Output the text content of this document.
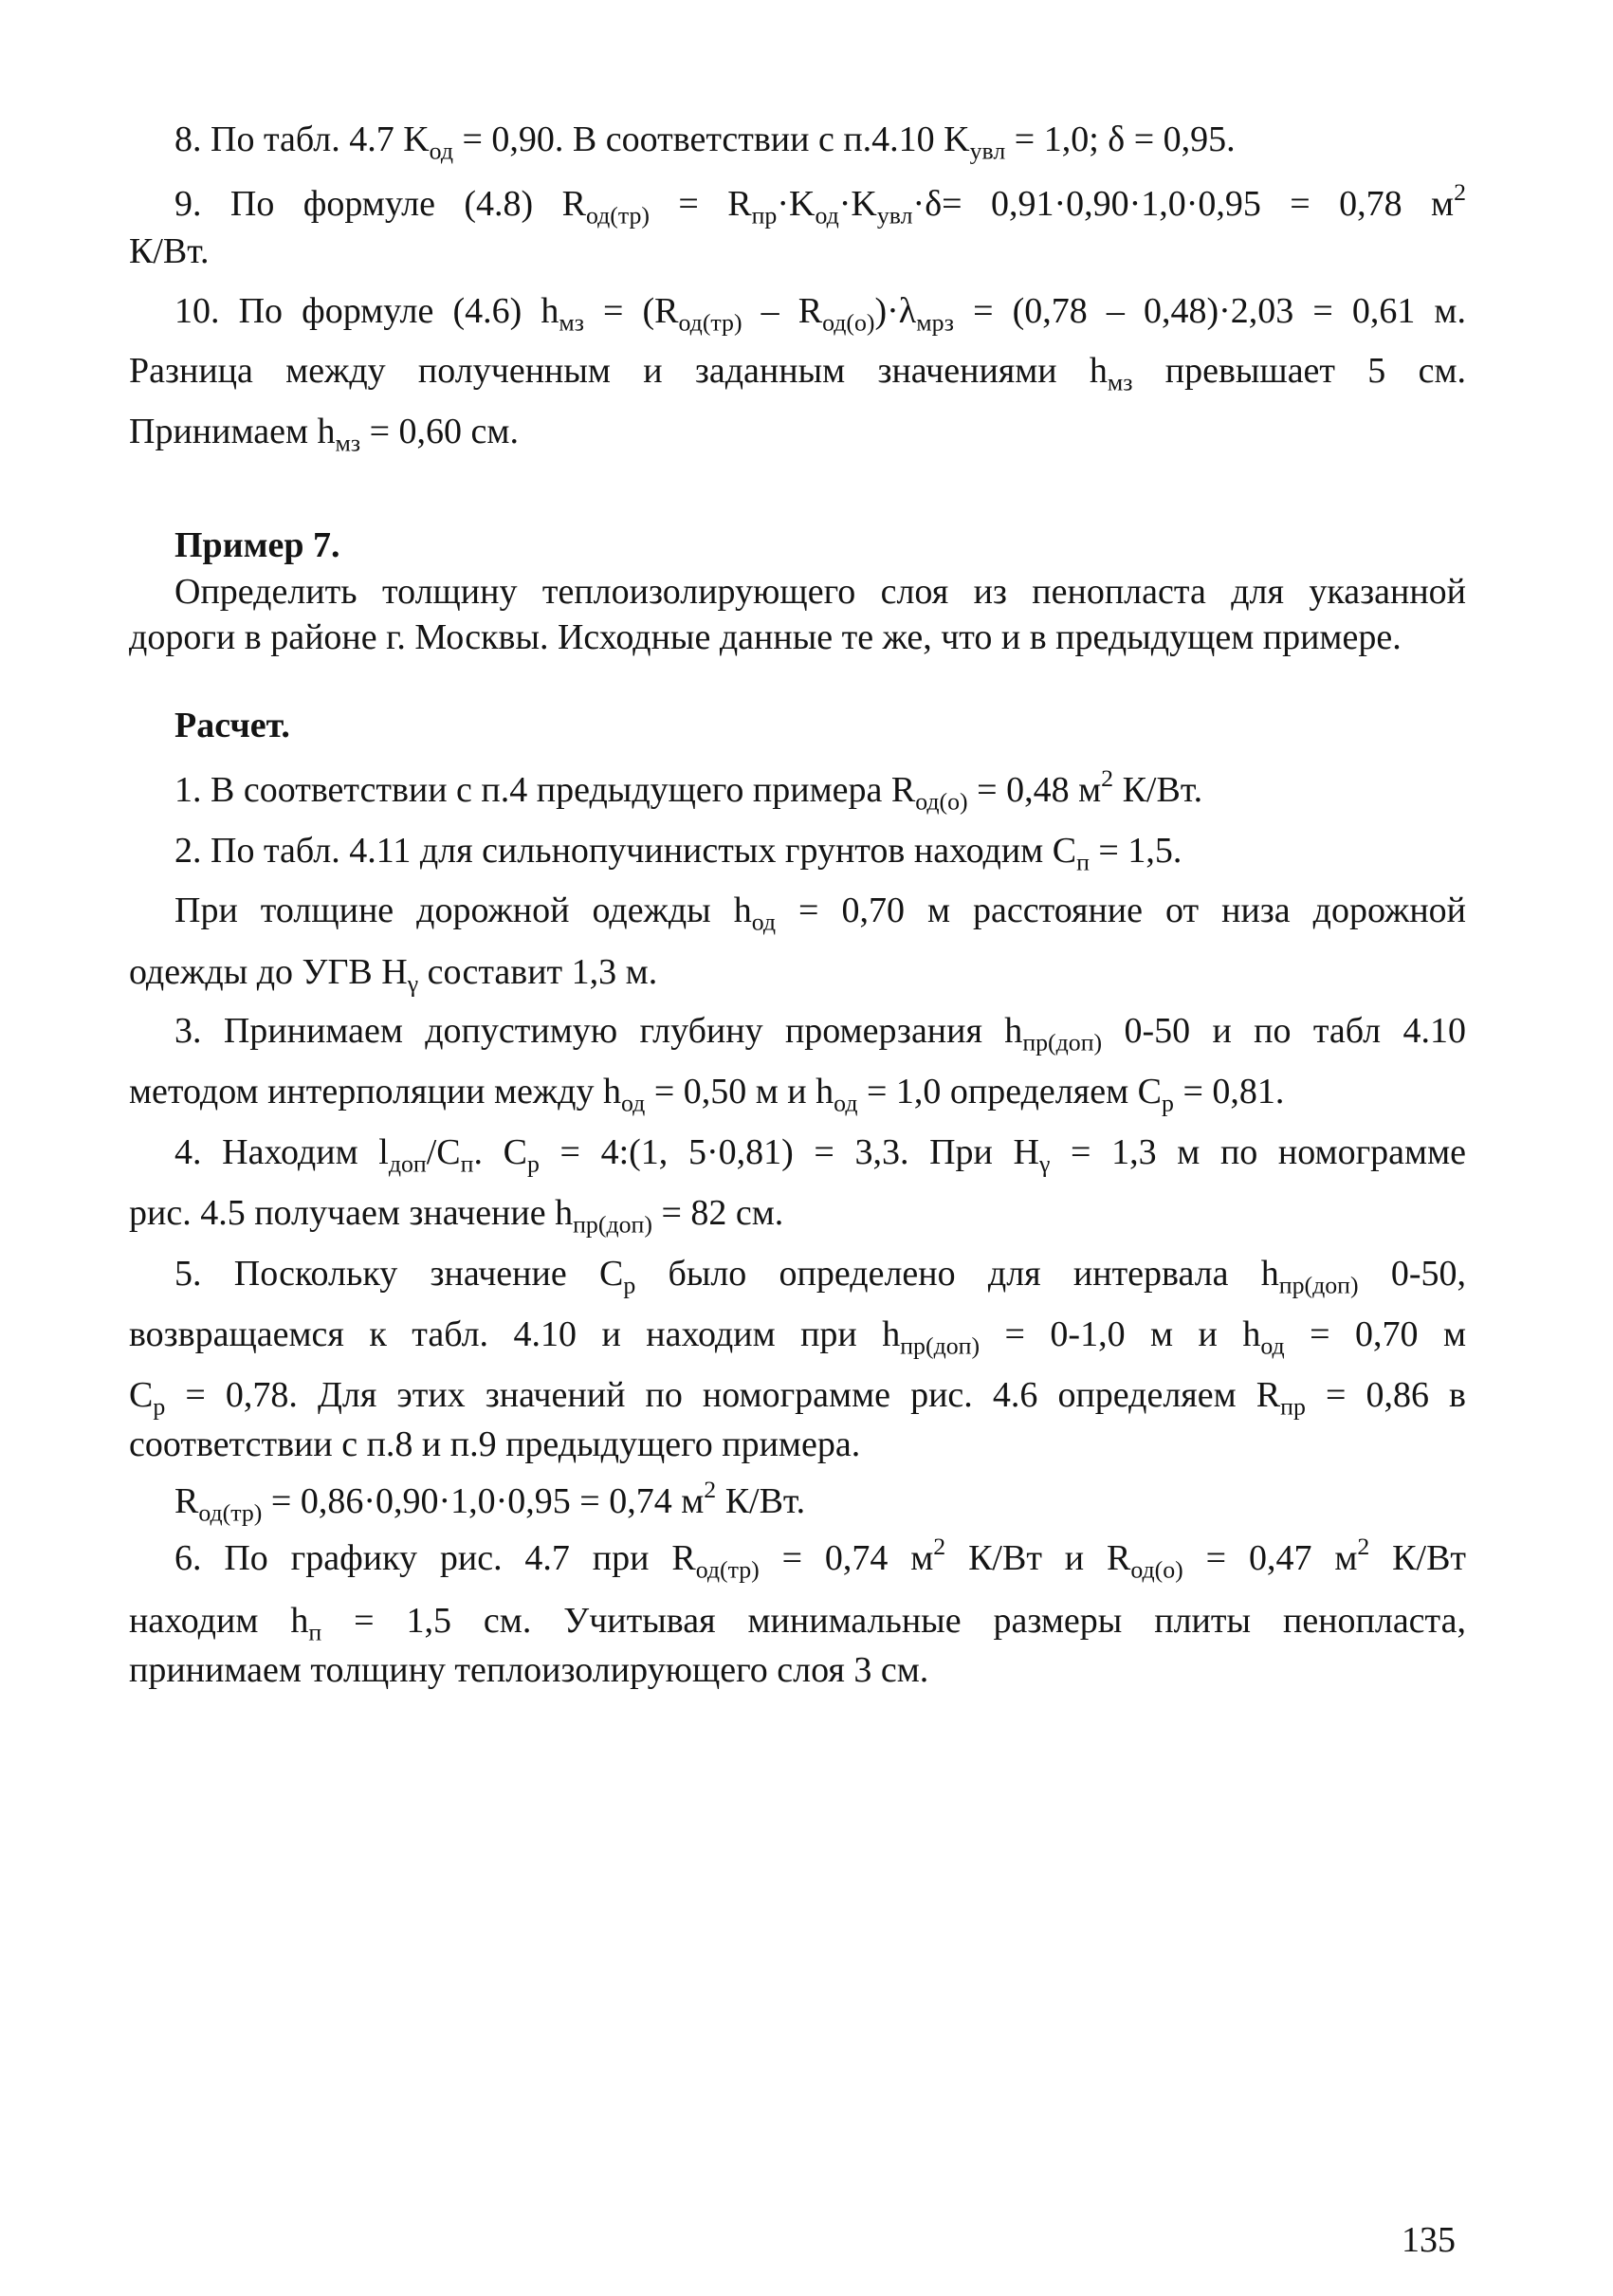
8. По табл. 4.7 $K_{од} = 0,90$. В соответствии с п.4.10 $K_{увл} = 1,0$; δ = 0,95.

9. По формуле (4.8) $R_{од(тр)} = R_{пр}\cdot K_{од}\cdot K_{увл}\cdot\delta= 0,91\cdot 0,90\cdot 1,0\cdot 0,95 = 0,78$ $м^2$

К/Вт.

10. По формуле (4.6) $h_{мз} = (R_{од(тр)} - R_{од(о)})\cdot\lambda_{мрз} = (0,78 - 0,48)\cdot 2,03 = 0,61$ м.

Разница между полученным и заданным значениями $h_{мз}$ превышает 5 см.

Принимаем $h_{мз} = 0,60$ см.

Пример 7.

Определить толщину теплоизолирующего слоя из пенопласта для указанной дороги в районе г. Москвы. Исходные данные те же, что и в предыдущем примере.

Расчет.

1. В соответствии с п.4 предыдущего примера $R_{од(о)} = 0,48$ $м^2$ К/Вт.

2. По табл. 4.11 для сильнопучинистых грунтов находим $C_п = 1,5$.

При толщине дорожной одежды $h_{од} = 0,70$ м расстояние от низа дорожной

одежды до УГВ $H_\gamma$ составит 1,3 м.

3. Принимаем допустимую глубину промерзания $h_{пр(доп)}$ 0-50 и по табл 4.10

методом интерполяции между $h_{од} = 0,50$ м и $h_{од} = 1,0$ определяем $C_р = 0,81$.

4. Находим $l_{доп}/C_п$. $C_р$ = 4:(1, 5·0,81) = 3,3. При $H_\gamma = 1,3$ м по номограмме

рис. 4.5 получаем значение $h_{пр(доп)} = 82$ см.

5. Поскольку значение $C_р$ было определено для интервала $h_{пр(доп)}$ 0-50,

возвращаемся к табл. 4.10 и находим при $h_{пр(доп)} = 0-1,0$ м и $h_{од} = 0,70$ м

$C_р = 0,78$. Для этих значений по номограмме рис. 4.6 определяем $R_{пр} = 0,86$ в

соответствии с п.8 и п.9 предыдущего примера.

$R_{од(тр)} = 0,86\cdot 0,90\cdot 1,0\cdot 0,95 = 0,74$ $м^2$ К/Вт.

6. По графику рис. 4.7 при $R_{од(тр)} = 0,74$ $м^2$ К/Вт и $R_{од(о)} = 0,47$ $м^2$ К/Вт

находим $h_п = 1,5$ см. Учитывая минимальные размеры плиты пенопласта,

принимаем толщину теплоизолирующего слоя 3 см.

135
